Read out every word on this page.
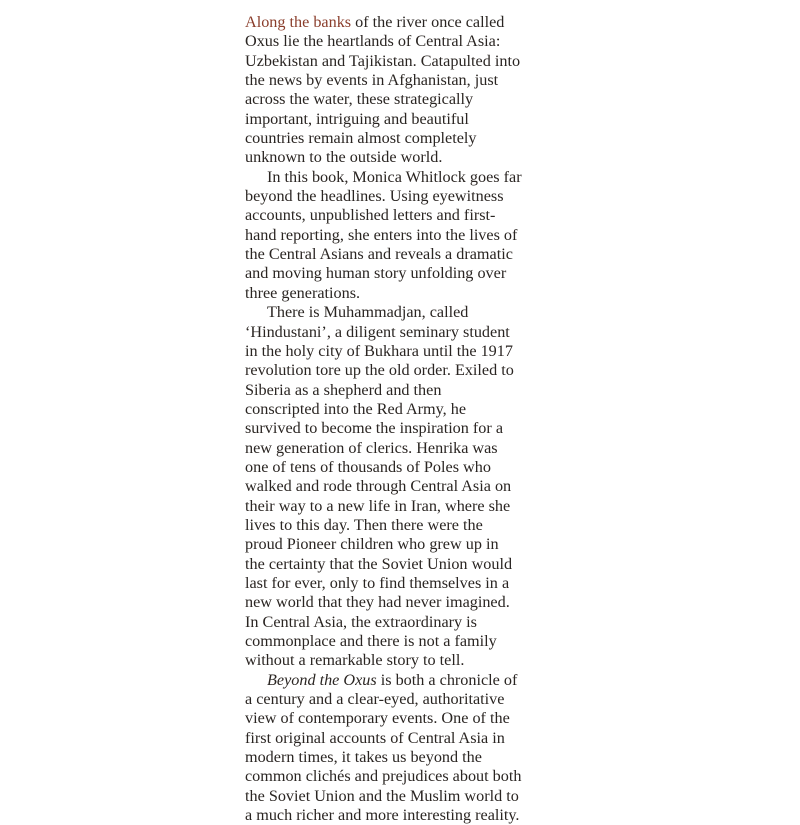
Along the banks of the river once called
Oxus lie the heartlands of Central Asia:
Uzbekistan and Tajikistan. Catapulted into
the news by events in Afghanistan, just
across the water, these strategically
important, intriguing and beautiful
countries remain almost completely
unknown to the outside world.
In this book, Monica Whitlock goes far
beyond the headlines. Using eyewitness
accounts, unpublished letters and first-
hand reporting, she enters into the lives of
the Central Asians and reveals a dramatic
and moving human story unfolding over
three generations.
There is Muhammadjan, called
‘Hindustani’, a diligent seminary student
in the holy city of Bukhara until the 1917
revolution tore up the old order. Exiled to
Siberia as a shepherd and then
conscripted into the Red Army, he
survived to become the inspiration for a
new generation of clerics. Henrika was
one of tens of thousands of Poles who
walked and rode through Central Asia on
their way to a new life in Iran, where she
lives to this day. Then there were the
proud Pioneer children who grew up in
the certainty that the Soviet Union would
last for ever, only to find themselves in a
new world that they had never imagined.
In Central Asia, the extraordinary is
commonplace and there is not a family
without a remarkable story to tell.
Beyond the Oxus is both a chronicle of
a century and a clear-eyed, authoritative
view of contemporary events. One of the
first original accounts of Central Asia in
modern times, it takes us beyond the
common clichés and prejudices about both
the Soviet Union and the Muslim world to
a much richer and more interesting reality.
